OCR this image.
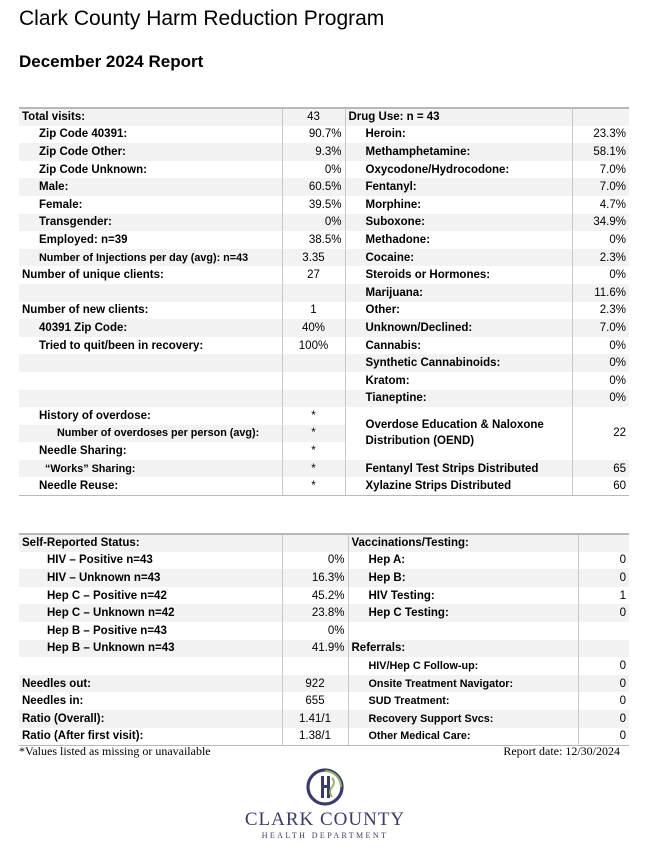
Clark County Harm Reduction Program
December 2024 Report
Total visits:	43	Drug Use: n = 43	
Zip Code 40391:	90.7%	Heroin:	23.3%
Zip Code Other:	9.3%	Methamphetamine:	58.1%
Zip Code Unknown:	0%	Oxycodone/Hydrocodone:	7.0%
Male:	60.5%	Fentanyl:	7.0%
Female:	39.5%	Morphine:	4.7%
Transgender:	0%	Suboxone:	34.9%
Employed: n=39	38.5%	Methadone:	0%
Number of Injections per day (avg): n=43	3.35	Cocaine:	2.3%
Number of unique clients:	27	Steroids or Hormones:	0%
		Marijuana:	11.6%
Number of new clients:	1	Other:	2.3%
40391 Zip Code:	40%	Unknown/Declined:	7.0%
Tried to quit/been in recovery:	100%	Cannabis:	0%
		Synthetic Cannabinoids:	0%
		Kratom:	0%
		Tianeptine:	0%
History of overdose:	*	Overdose Education & Naloxone Distribution (OEND)	22
Number of overdoses per person (avg):	*		
Needle Sharing:	*		
“Works” Sharing:	*	Fentanyl Test Strips Distributed	65
Needle Reuse:	*	Xylazine Strips Distributed	60
Self-Reported Status:		Vaccinations/Testing:	
HIV – Positive n=43	0%	Hep A:	0
HIV – Unknown n=43	16.3%	Hep B:	0
Hep C – Positive n=42	45.2%	HIV Testing:	1
Hep C – Unknown n=42	23.8%	Hep C Testing:	0
Hep B – Positive n=43	0%		
Hep B – Unknown n=43	41.9%	Referrals:	
		HIV/Hep C Follow-up:	0
Needles out:	922	Onsite Treatment Navigator:	0
Needles in:	655	SUD Treatment:	0
Ratio (Overall):	1.41/1	Recovery Support Svcs:	0
Ratio (After first visit):	1.38/1	Other Medical Care:	0
*Values listed as missing or unavailable	Report date: 12/30/2024
CLARK COUNTY
HEALTH DEPARTMENT
